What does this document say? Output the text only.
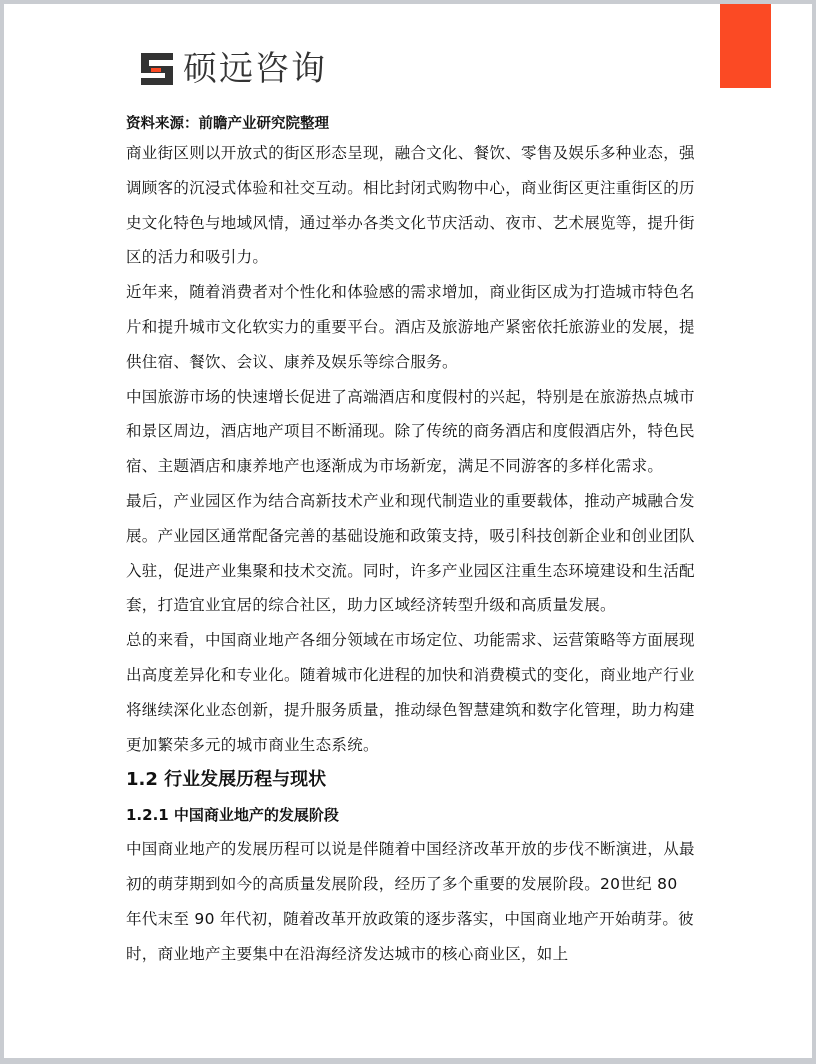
硕远咨询

资料来源：前瞻产业研究院整理

商业街区则以开放式的街区形态呈现，融合文化、餐饮、零售及娱乐多种业态，强调顾客的沉浸式体验和社交互动。相比封闭式购物中心，商业街区更注重街区的历史文化特色与地域风情，通过举办各类文化节庆活动、夜市、艺术展览等，提升街区的活力和吸引力。

近年来，随着消费者对个性化和体验感的需求增加，商业街区成为打造城市特色名片和提升城市文化软实力的重要平台。酒店及旅游地产紧密依托旅游业的发展，提供住宿、餐饮、会议、康养及娱乐等综合服务。

中国旅游市场的快速增长促进了高端酒店和度假村的兴起，特别是在旅游热点城市和景区周边，酒店地产项目不断涌现。除了传统的商务酒店和度假酒店外，特色民宿、主题酒店和康养地产也逐渐成为市场新宠，满足不同游客的多样化需求。

最后，产业园区作为结合高新技术产业和现代制造业的重要载体，推动产城融合发展。产业园区通常配备完善的基础设施和政策支持，吸引科技创新企业和创业团队入驻，促进产业集聚和技术交流。同时，许多产业园区注重生态环境建设和生活配套，打造宜业宜居的综合社区，助力区域经济转型升级和高质量发展。

总的来看，中国商业地产各细分领域在市场定位、功能需求、运营策略等方面展现出高度差异化和专业化。随着城市化进程的加快和消费模式的变化，商业地产行业将继续深化业态创新，提升服务质量，推动绿色智慧建筑和数字化管理，助力构建更加繁荣多元的城市商业生态系统。

1.2 行业发展历程与现状
1.2.1 中国商业地产的发展阶段

中国商业地产的发展历程可以说是伴随着中国经济改革开放的步伐不断演进，从最初的萌芽期到如今的高质量发展阶段，经历了多个重要的发展阶段。20世纪 80 年代末至 90 年代初，随着改革开放政策的逐步落实，中国商业地产开始萌芽。彼时，商业地产主要集中在沿海经济发达城市的核心商业区，如上
